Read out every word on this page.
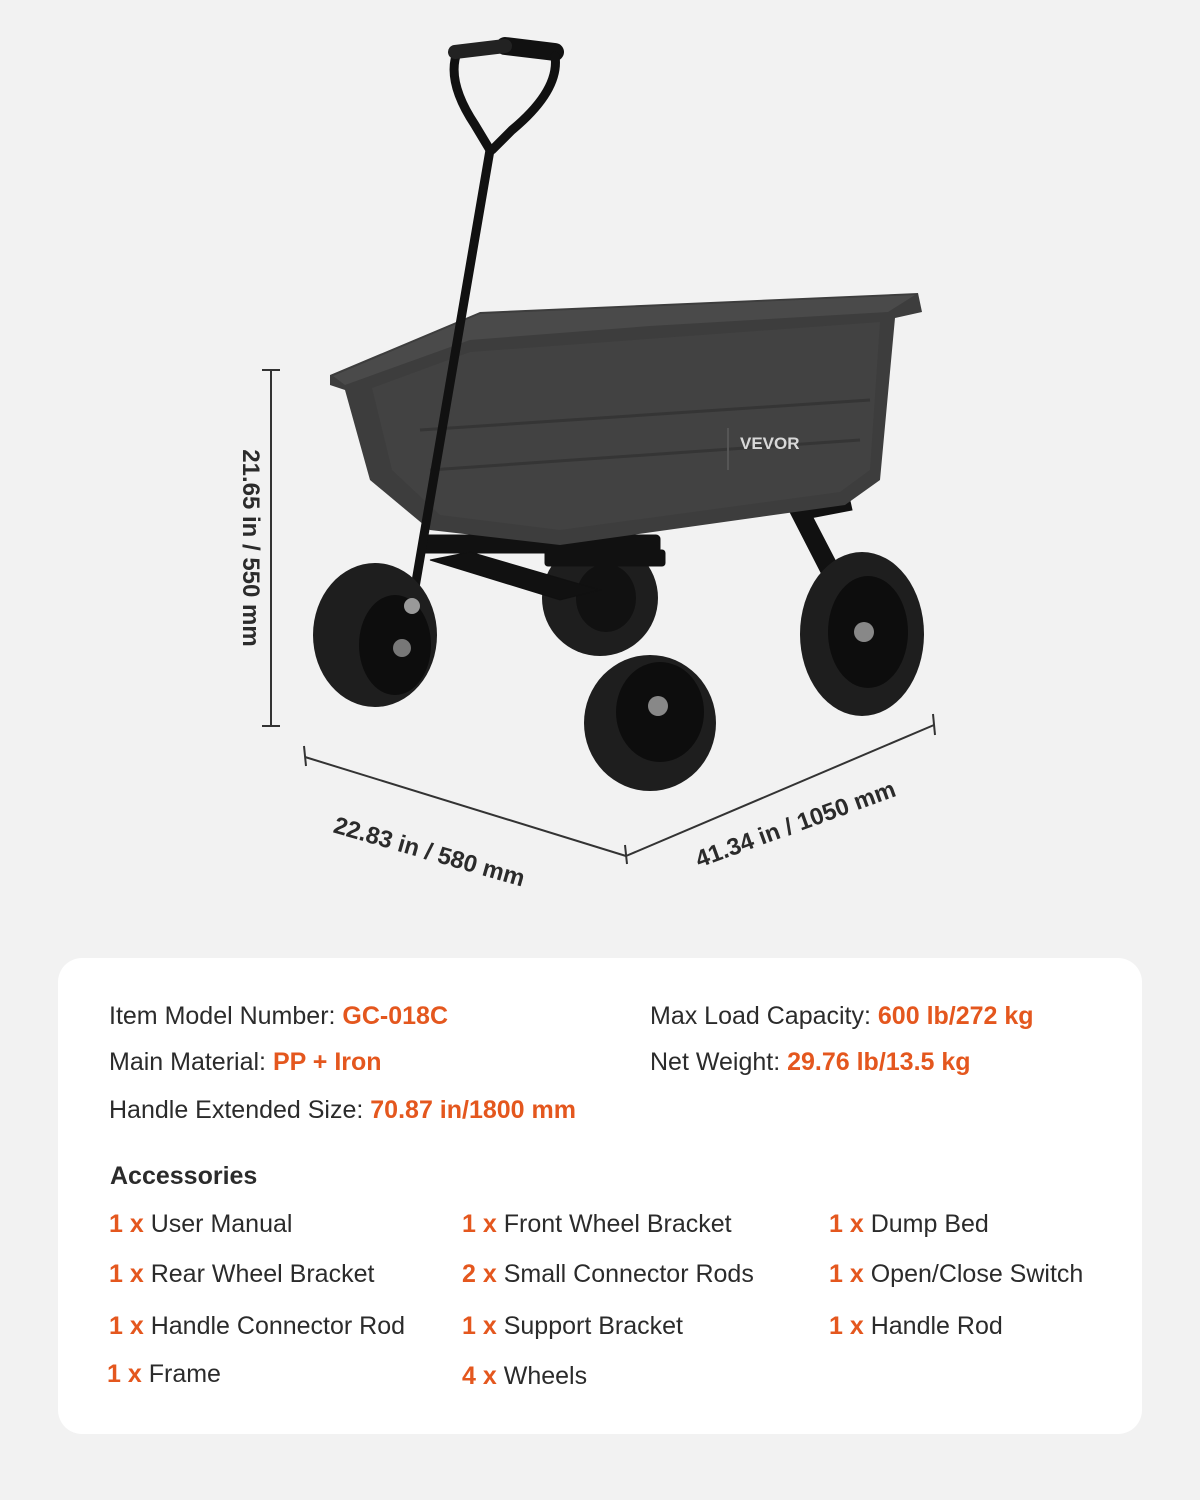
VEVOR
21.65 in / 550 mm
22.83 in / 580 mm	41.34 in / 1050 mm
Item Model Number: GC-018C
Main Material: PP + Iron
Handle Extended Size: 70.87 in/1800 mm
Max Load Capacity: 600 lb/272 kg
Net Weight: 29.76 lb/13.5 kg
Accessories
1 x User Manual
1 x Rear Wheel Bracket
1 x Handle Connector Rod
1 x Frame
1 x Front Wheel Bracket
2 x Small Connector Rods
1 x Support Bracket
4 x Wheels
1 x Dump Bed
1 x Open/Close Switch
1 x Handle Rod
